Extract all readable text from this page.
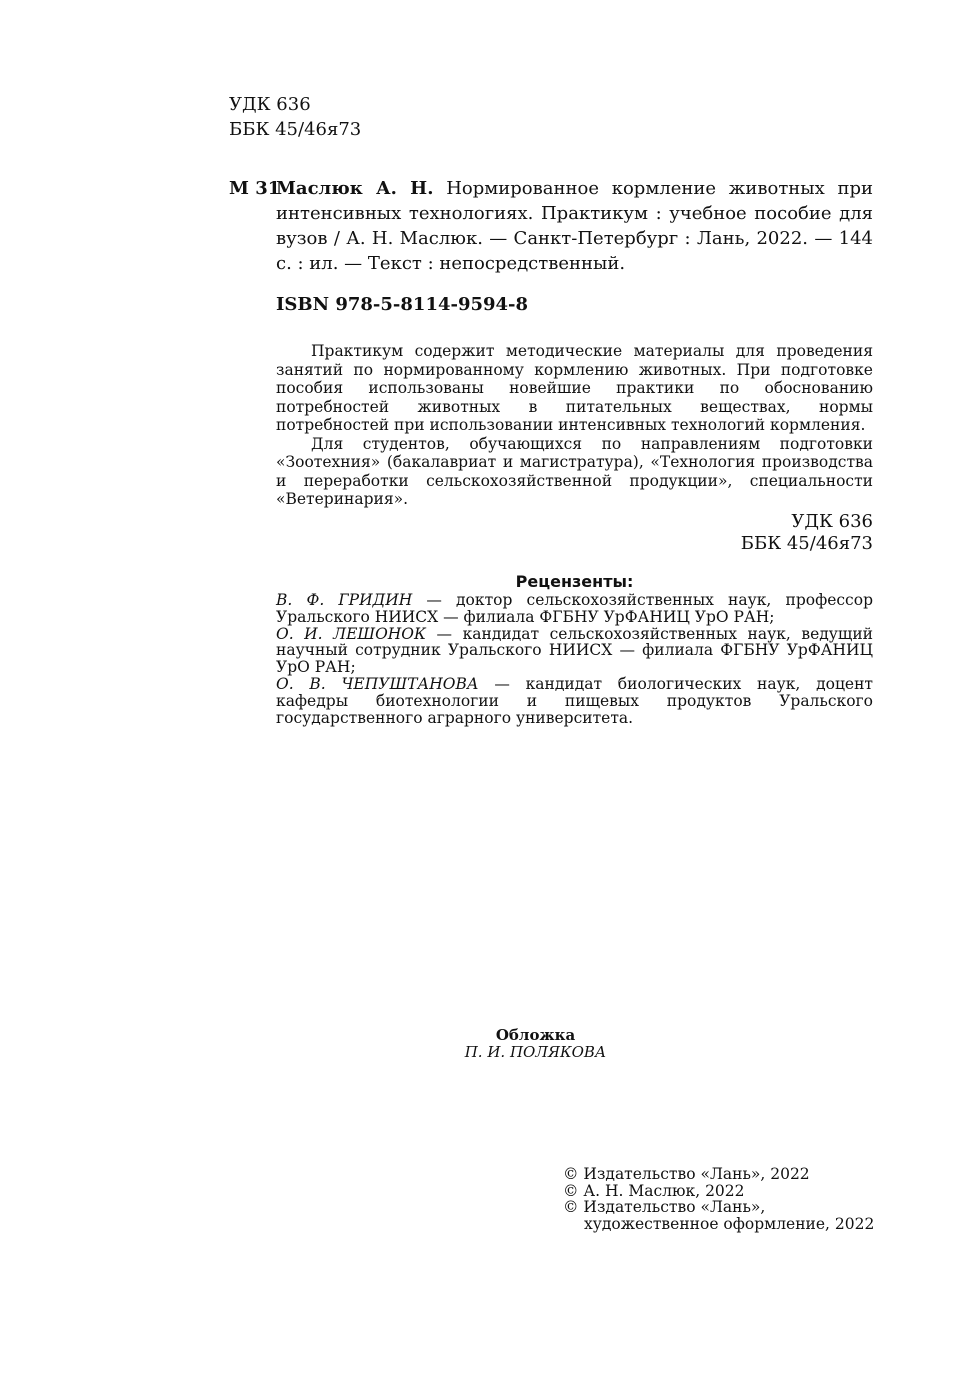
УДК 636
ББК 45/46я73
М 31
Маслюк А. Н. Нормированное кормление животных при интенсивных технологиях. Практикум : учебное пособие для вузов / А. Н. Маслюк. — Санкт-Петербург : Лань, 2022. — 144 с. : ил. — Текст : непосредственный.
ISBN 978-5-8114-9594-8

Практикум содержит методические материалы для проведения занятий по нормированному кормлению животных. При подготовке пособия использованы новейшие практики по обоснованию потребностей животных в питательных веществах, нормы потребностей при использовании интенсивных технологий кормления.

Для студентов, обучающихся по направлениям подготовки «Зоотехния» (бакалавриат и магистратура), «Технология производства и переработки сельскохозяйственной продукции», специальности «Ветеринария».

УДК 636
ББК 45/46я73
Рецензенты:
В. Ф. ГРИДИН — доктор сельскохозяйственных наук, профессор Уральского НИИСХ — филиала ФГБНУ УрФАНИЦ УрО РАН;
О. И. ЛЕШОНОК — кандидат сельскохозяйственных наук, ведущий научный сотрудник Уральского НИИСХ — филиала ФГБНУ УрФАНИЦ УрО РАН;
О. В. ЧЕПУШТАНОВА — кандидат биологических наук, доцент кафедры биотехнологии и пищевых продуктов Уральского государственного аграрного университета.
Обложка
П. И. ПОЛЯКОВА
© Издательство «Лань», 2022
© А. Н. Маслюк, 2022
© Издательство «Лань»,
художественное оформление, 2022
